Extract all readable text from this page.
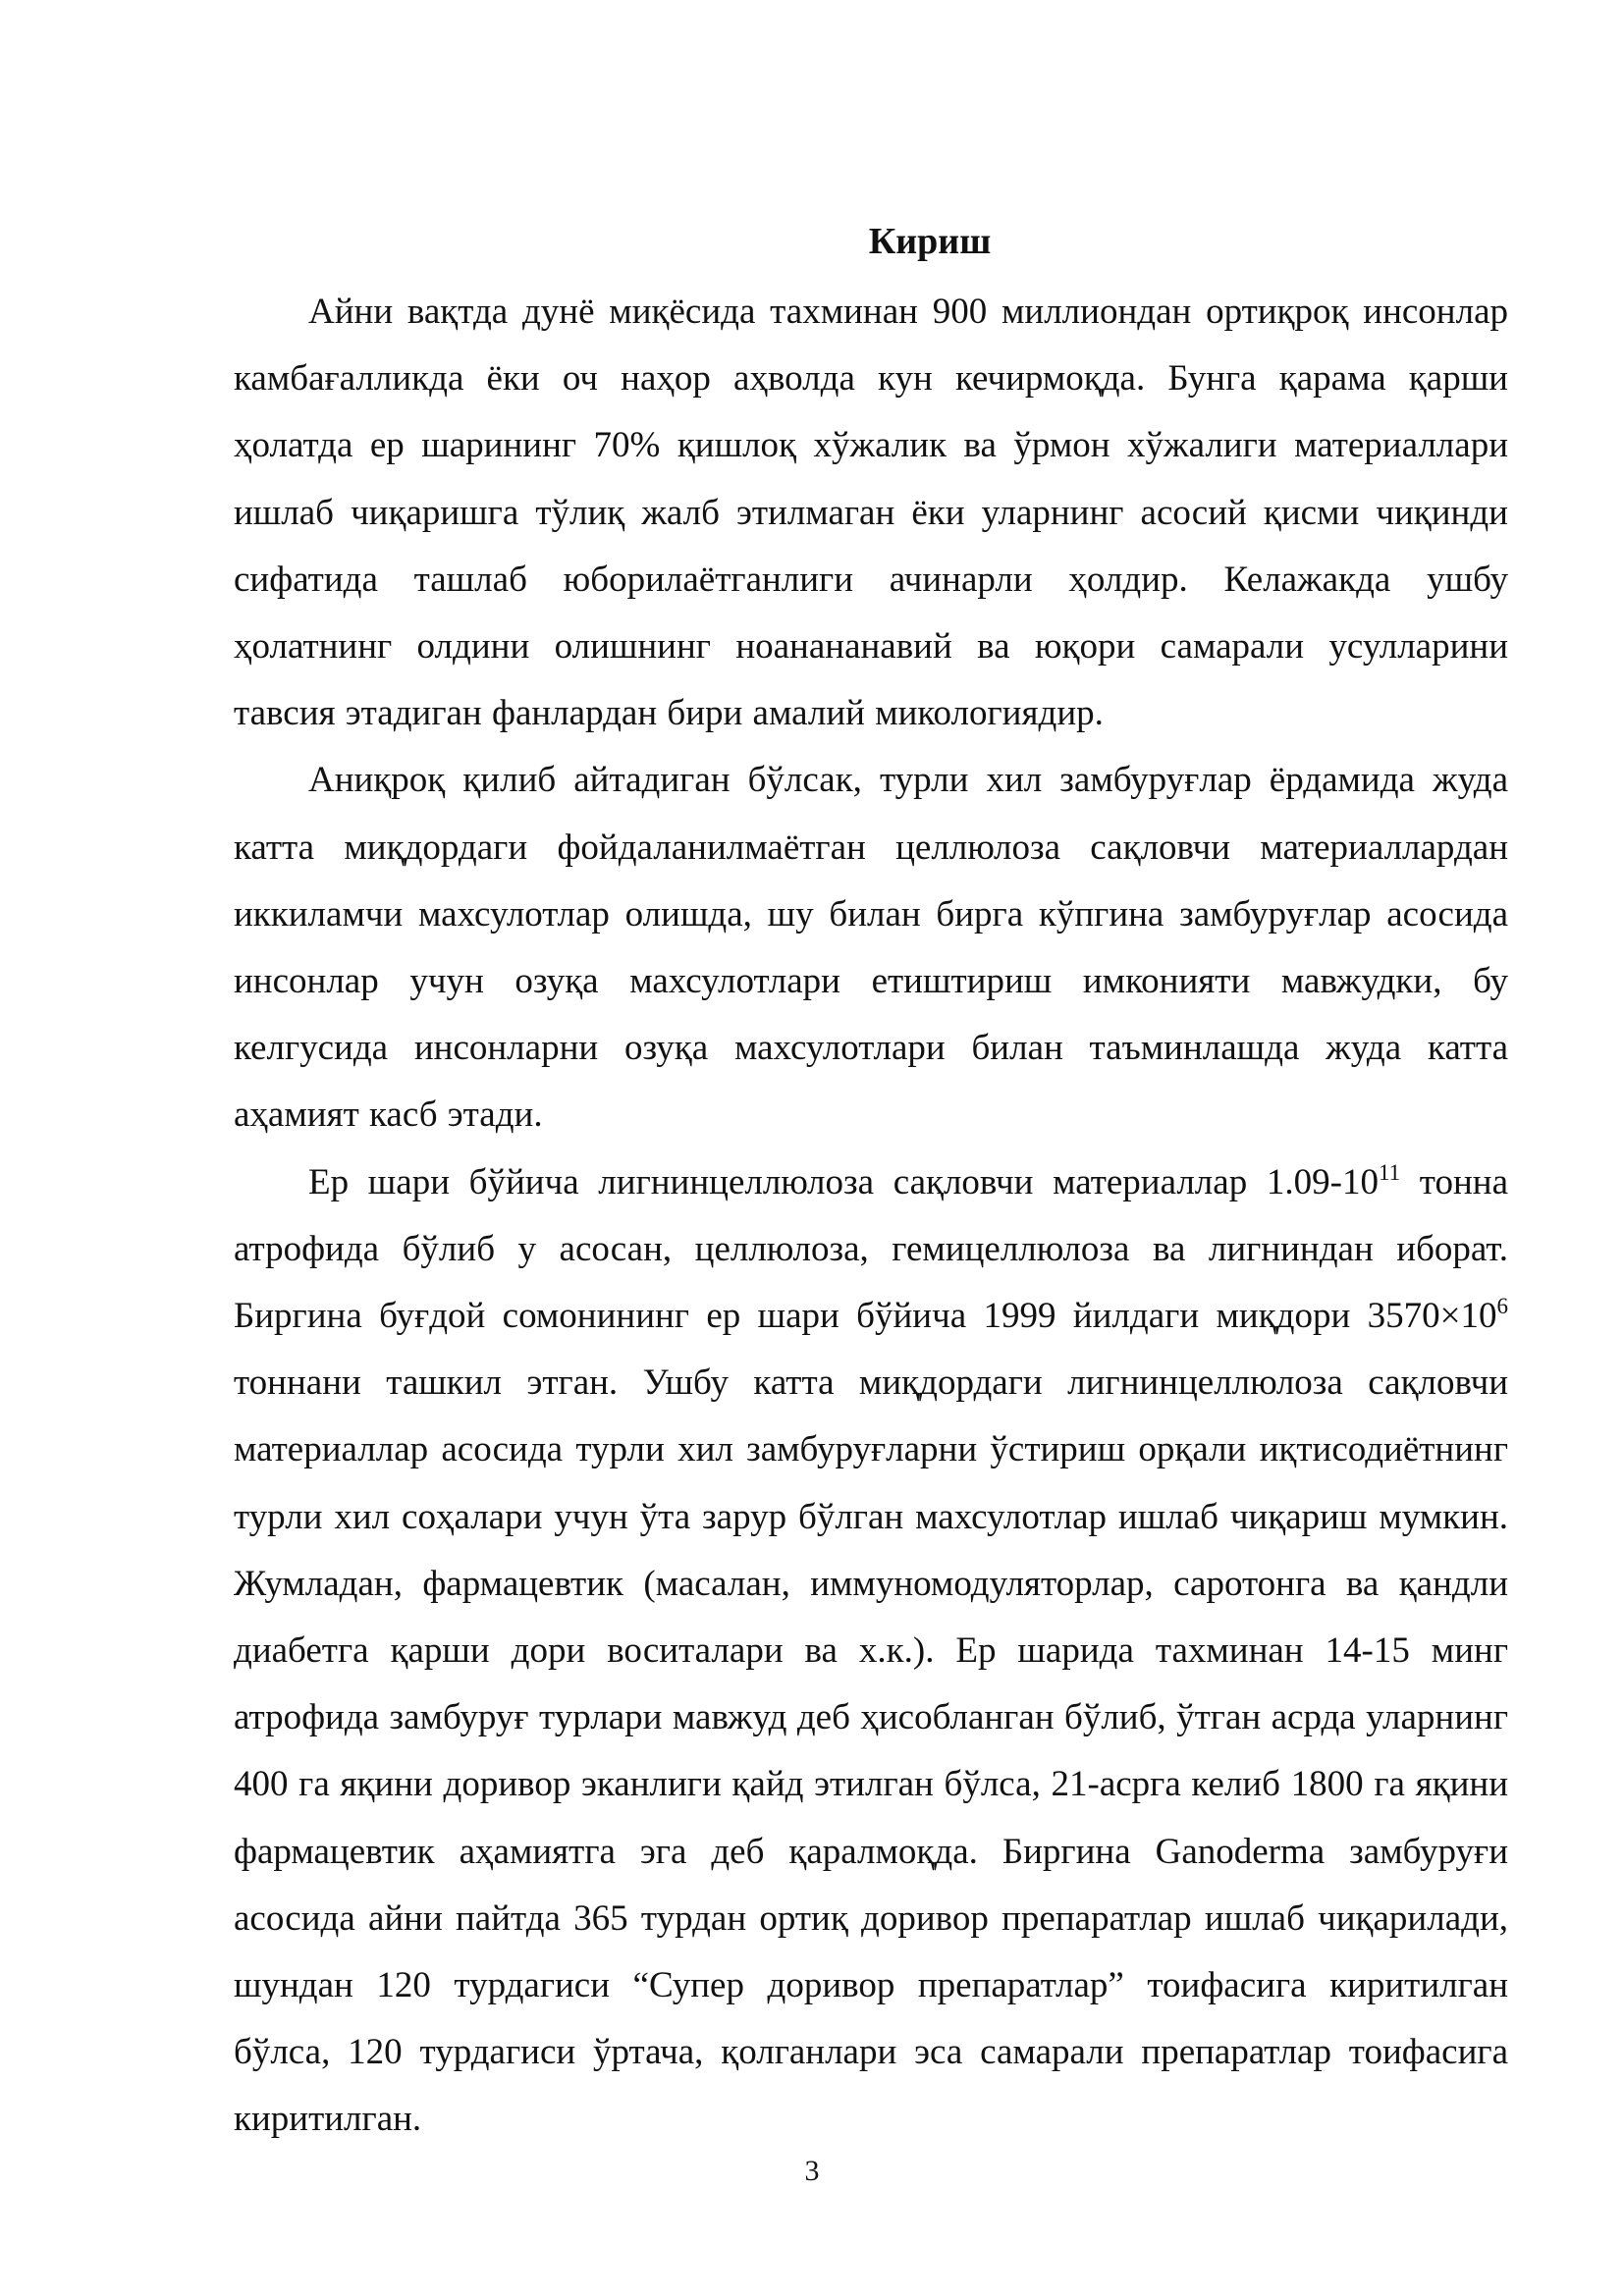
Кириш

Айни вақтда дунё миқёсида тахминан 900 миллиондан ортиқроқ инсонлар камбағалликда ёки оч наҳор аҳволда кун кечирмоқда. Бунга қарама қарши ҳолатда ер шарининг 70% қишлоқ хўжалик ва ўрмон хўжалиги материаллари ишлаб чиқаришга тўлиқ жалб этилмаган ёки уларнинг асосий қисми чиқинди сифатида ташлаб юборилаётганлиги ачинарли ҳолдир. Келажакда ушбу ҳолатнинг олдини олишнинг ноанананавий ва юқори самарали усулларини тавсия этадиган фанлардан бири амалий микологиядир.

Аниқроқ қилиб айтадиган бўлсак, турли хил замбуруғлар ёрдамида жуда катта миқдордаги фойдаланилмаётган целлюлоза сақловчи материаллардан иккиламчи махсулотлар олишда, шу билан бирга кўпгина замбуруғлар асосида инсонлар учун озуқа махсулотлари етиштириш имконияти мавжудки, бу келгусида инсонларни озуқа махсулотлари билан таъминлашда жуда катта аҳамият касб этади.

Ер шари бўйича лигнинцеллюлоза сақловчи материаллар $1.09-10^{11}$ тонна атрофида бўлиб у асосан, целлюлоза, гемицеллюлоза ва лигниндан иборат. Биргина буғдой сомонининг ер шари бўйича 1999 йилдаги миқдори $3570\times 10^6$ тоннани ташкил этган. Ушбу катта миқдордаги лигнинцеллюлоза сақловчи материаллар асосида турли хил замбуруғларни ўстириш орқали иқтисодиётнинг турли хил соҳалари учун ўта зарур бўлган махсулотлар ишлаб чиқариш мумкин. Жумладан, фармацевтик (масалан, иммуномодуляторлар, саротонга ва қандли диабетга қарши дори воситалари ва х.к.). Ер шарида тахминан 14-15 минг атрофида замбуруғ турлари мавжуд деб ҳисобланган бўлиб, ўтган асрда уларнинг 400 га яқини доривор эканлиги қайд этилган бўлса, 21-асрга келиб 1800 га яқини фармацевтик аҳамиятга эга деб қаралмоқда. Биргина Ganoderma замбуруғи асосида айни пайтда 365 турдан ортиқ доривор препаратлар ишлаб чиқарилади, шундан 120 турдагиси “Супер доривор препаратлар” тоифасига киритилган бўлса, 120 турдагиси ўртача, қолганлари эса самарали препаратлар тоифасига киритилган.

3
